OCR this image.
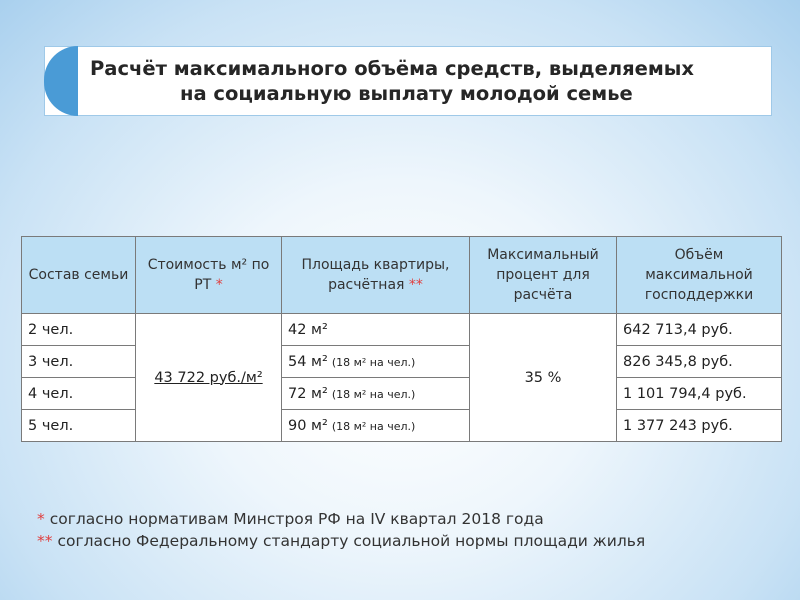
Расчёт максимального объёма средств, выделяемых
на социальную выплату молодой семье
Состав семьи	Стоимость м² по РТ *	Площадь квартиры, расчётная **	Максимальный процент для расчёта	Объём максимальной господдержки
2 чел.	43 722 руб./м²	42 м²	35 %	642 713,4 руб.
3 чел.		54 м² (18 м² на чел.)		826 345,8 руб.
4 чел.		72 м² (18 м² на чел.)		1 101 794,4 руб.
5 чел.		90 м² (18 м² на чел.)		1 377 243 руб.
* согласно нормативам Минстроя РФ на IV квартал 2018 года
** согласно Федеральному стандарту социальной нормы площади жилья
